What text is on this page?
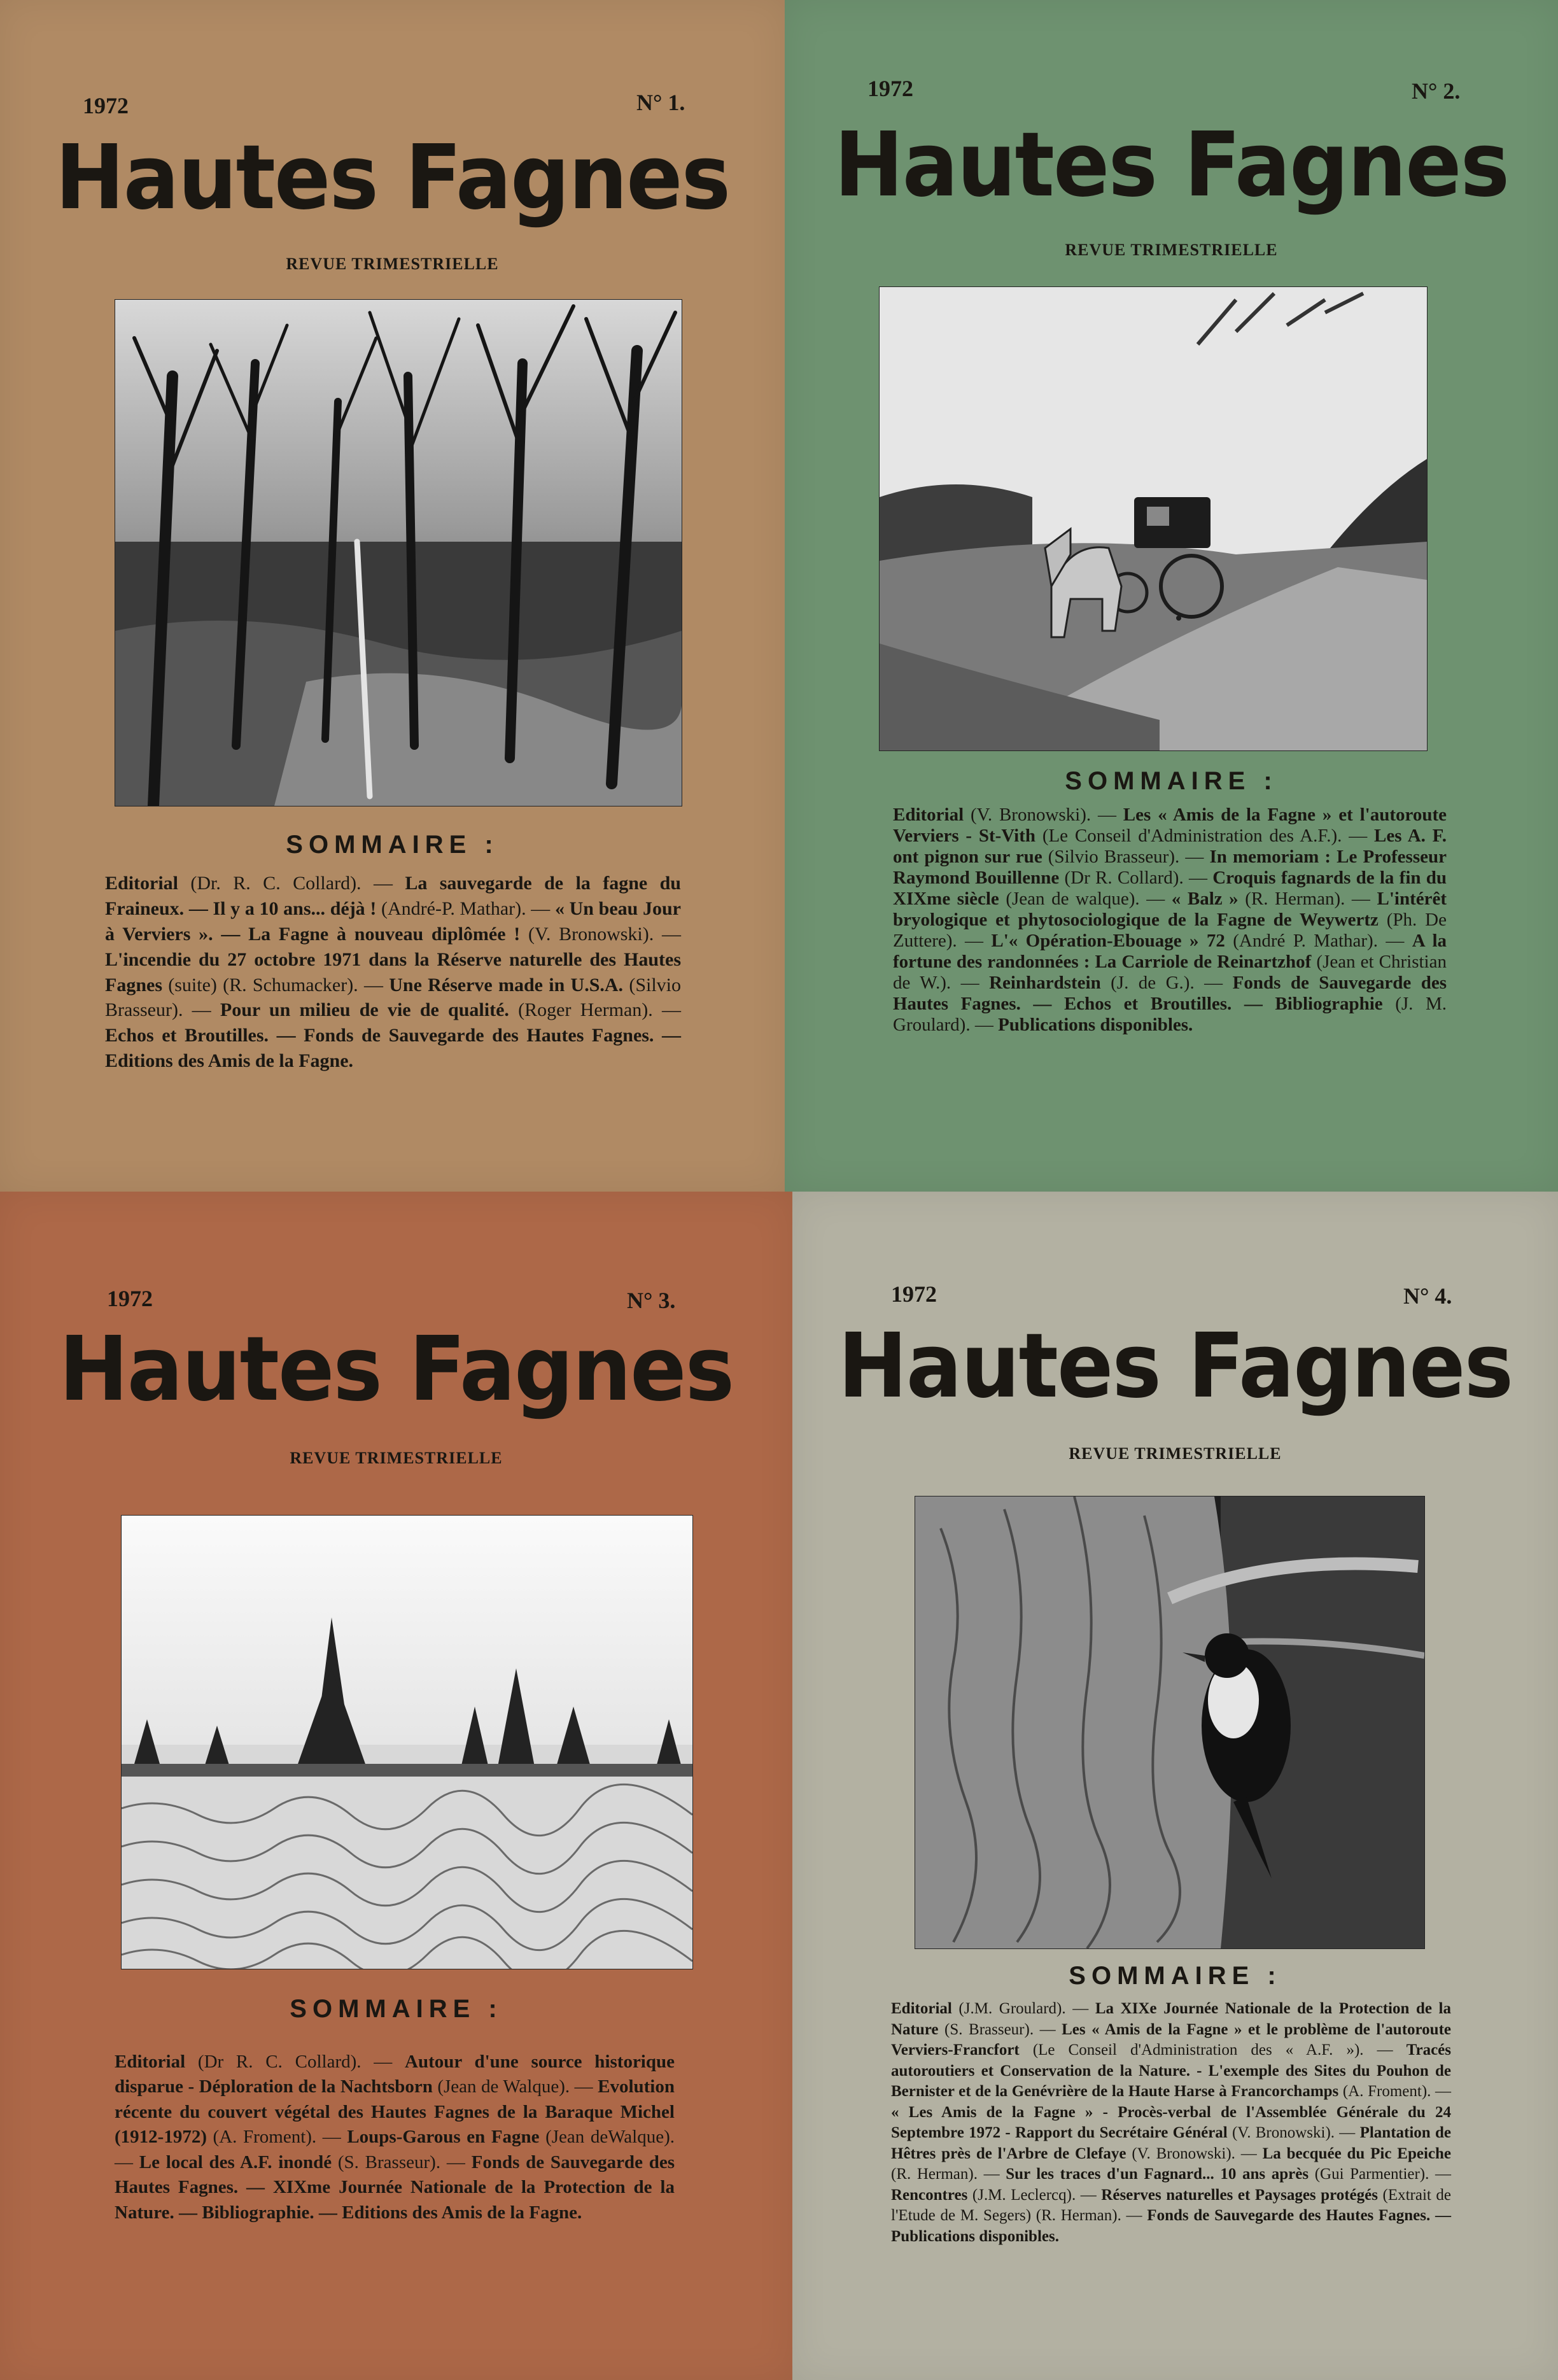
1972	N° 1.
Hautes Fagnes
REVUE TRIMESTRIELLE
SOMMAIRE :
Editorial (Dr. R. C. Collard). — La sauvegarde de la fagne du Fraineux. — Il y a 10 ans... déjà ! (André-P. Mathar). — « Un beau Jour à Verviers ». — La Fagne à nouveau diplômée ! (V. Bronowski). — L'incendie du 27 octobre 1971 dans la Réserve naturelle des Hautes Fagnes (suite) (R. Schumacker). — Une Réserve made in U.S.A. (Silvio Brasseur). — Pour un milieu de vie de qualité. (Roger Herman). — Echos et Broutilles. — Fonds de Sauvegarde des Hautes Fagnes. — Editions des Amis de la Fagne.
1972	N° 2.
Hautes Fagnes
REVUE TRIMESTRIELLE
SOMMAIRE :
Editorial (V. Bronowski). — Les « Amis de la Fagne » et l'autoroute Verviers - St-Vith (Le Conseil d'Administration des A.F.). — Les A. F. ont pignon sur rue (Silvio Brasseur). — In memoriam : Le Professeur Raymond Bouillenne (Dr R. Collard). — Croquis fagnards de la fin du XIXme siècle (Jean de walque). — « Balz » (R. Herman). — L'intérêt bryologique et phytosociologique de la Fagne de Weywertz (Ph. De Zuttere). — L'« Opération-Ebouage » 72 (André P. Mathar). — A la fortune des randonnées : La Carriole de Reinartzhof (Jean et Christian de W.). — Reinhardstein (J. de G.). — Fonds de Sauvegarde des Hautes Fagnes. — Echos et Broutilles. — Bibliographie (J. M. Groulard). — Publications disponibles.
1972	N° 3.
Hautes Fagnes
REVUE TRIMESTRIELLE
SOMMAIRE :
Editorial (Dr R. C. Collard). — Autour d'une source historique disparue - Déploration de la Nachtsborn (Jean de Walque). — Evolution récente du couvert végétal des Hautes Fagnes de la Baraque Michel (1912-1972) (A. Froment). — Loups-Garous en Fagne (Jean deWalque). — Le local des A.F. inondé (S. Brasseur). — Fonds de Sauvegarde des Hautes Fagnes. — XIXme Journée Nationale de la Protection de la Nature. — Bibliographie. — Editions des Amis de la Fagne.
1972	N° 4.
Hautes Fagnes
REVUE TRIMESTRIELLE
SOMMAIRE :
Editorial (J.M. Groulard). — La XIXe Journée Nationale de la Protection de la Nature (S. Brasseur). — Les « Amis de la Fagne » et le problème de l'autoroute Verviers-Francfort (Le Conseil d'Administration des « A.F. »). — Tracés autoroutiers et Conservation de la Nature. - L'exemple des Sites du Pouhon de Bernister et de la Genévrière de la Haute Harse à Francorchamps (A. Froment). — « Les Amis de la Fagne » - Procès-verbal de l'Assemblée Générale du 24 Septembre 1972 - Rapport du Secrétaire Général (V. Bronowski). — Plantation de Hêtres près de l'Arbre de Clefaye (V. Bronowski). — La becquée du Pic Epeiche (R. Herman). — Sur les traces d'un Fagnard... 10 ans après (Gui Parmentier). — Rencontres (J.M. Leclercq). — Réserves naturelles et Paysages protégés (Extrait de l'Etude de M. Segers) (R. Herman). — Fonds de Sauvegarde des Hautes Fagnes. — Publications disponibles.
